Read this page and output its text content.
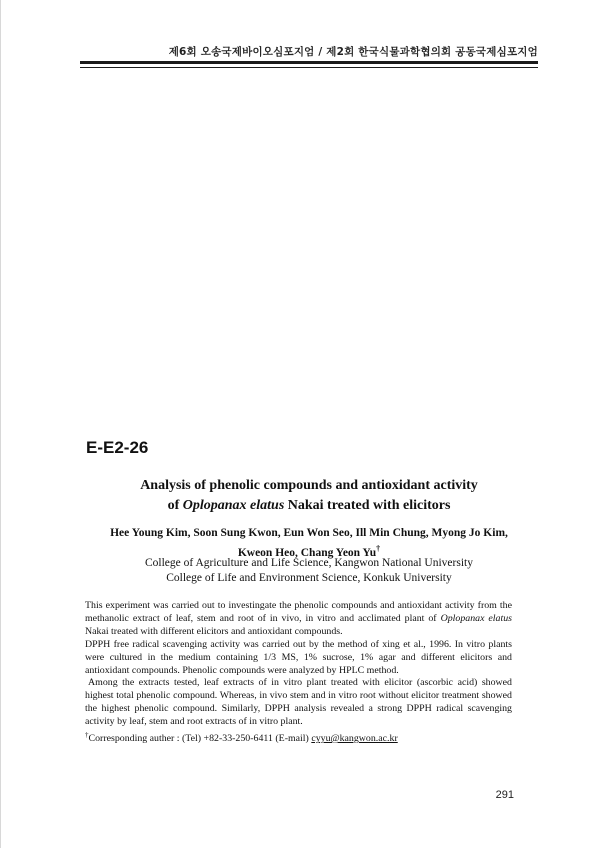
제6회 오송국제바이오심포지엄 / 제2회 한국식물과학협의회 공동국제심포지엄
E-E2-26
Analysis of phenolic compounds and antioxidant activity
of Oplopanax elatus Nakai treated with elicitors
Hee Young Kim, Soon Sung Kwon, Eun Won Seo, Ill Min Chung, Myong Jo Kim,
Kweon Heo, Chang Yeon Yu†
College of Agriculture and Life Science, Kangwon National University
College of Life and Environment Science, Konkuk University

This experiment was carried out to investingate the phenolic compounds and antioxidant activity from the methanolic extract of leaf, stem and root of in vivo, in vitro and acclimated plant of Oplopanax elatus Nakai treated with different elicitors and antioxidant compounds.

DPPH free radical scavenging activity was carried out by the method of xing et al., 1996. In vitro plants were cultured in the medium containing 1/3 MS, 1% sucrose, 1% agar and different elicitors and antioxidant compounds. Phenolic compounds were analyzed by HPLC method.

Among the extracts tested, leaf extracts of in vitro plant treated with elicitor (ascorbic acid) showed highest total phenolic compound. Whereas, in vivo stem and in vitro root without elicitor treatment showed the highest phenolic compound. Similarly, DPPH analysis revealed a strong DPPH radical scavenging activity by leaf, stem and root extracts of in vitro plant.

†Corresponding auther : (Tel) +82-33-250-6411 (E-mail) cyyu@kangwon.ac.kr

291
